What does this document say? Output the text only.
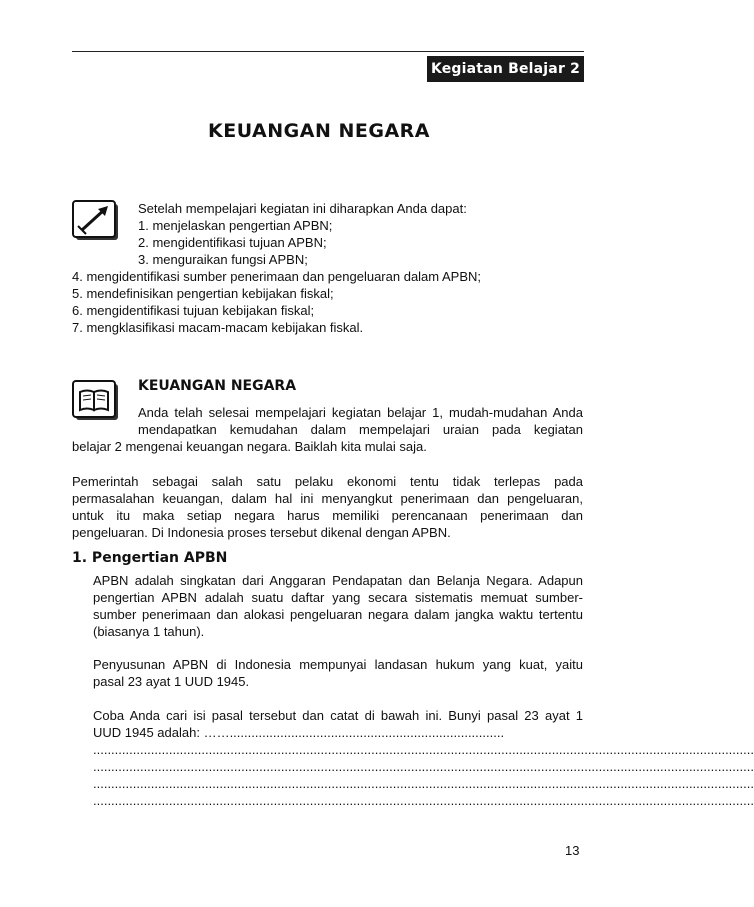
Kegiatan Belajar 2
KEUANGAN NEGARA
Setelah mempelajari kegiatan ini diharapkan Anda dapat:
1. menjelaskan pengertian APBN;
2. mengidentifikasi tujuan APBN;
3. menguraikan fungsi APBN;
4. mengidentifikasi sumber penerimaan dan pengeluaran dalam APBN;
5. mendefinisikan pengertian kebijakan fiskal;
6. mengidentifikasi tujuan kebijakan fiskal;
7. mengklasifikasi macam-macam kebijakan fiskal.
KEUANGAN NEGARA
Anda telah selesai mempelajari kegiatan belajar 1, mudah-mudahan Anda
mendapatkan kemudahan dalam mempelajari uraian pada kegiatan
belajar 2 mengenai keuangan negara. Baiklah kita mulai saja.
Pemerintah sebagai salah satu pelaku ekonomi tentu tidak terlepas pada
permasalahan keuangan, dalam hal ini menyangkut penerimaan dan pengeluaran,
untuk itu maka setiap negara harus memiliki perencanaan penerimaan dan
pengeluaran. Di Indonesia proses tersebut dikenal dengan APBN.
1. Pengertian APBN
APBN adalah singkatan dari Anggaran Pendapatan dan Belanja Negara. Adapun
pengertian APBN adalah suatu daftar yang secara sistematis memuat sumber-
sumber penerimaan dan alokasi pengeluaran negara dalam jangka waktu tertentu
(biasanya 1 tahun).
Penyusunan APBN di Indonesia mempunyai landasan hukum yang kuat, yaitu
pasal 23 ayat 1 UUD 1945.
Coba Anda cari isi pasal tersebut dan catat di bawah ini. Bunyi pasal 23 ayat 1
UUD 1945 adalah: ……............................................................................
.......................................................................................................................................................................................
.......................................................................................................................................................................................
.......................................................................................................................................................................................
.......................................................................................................................................................................................
13
